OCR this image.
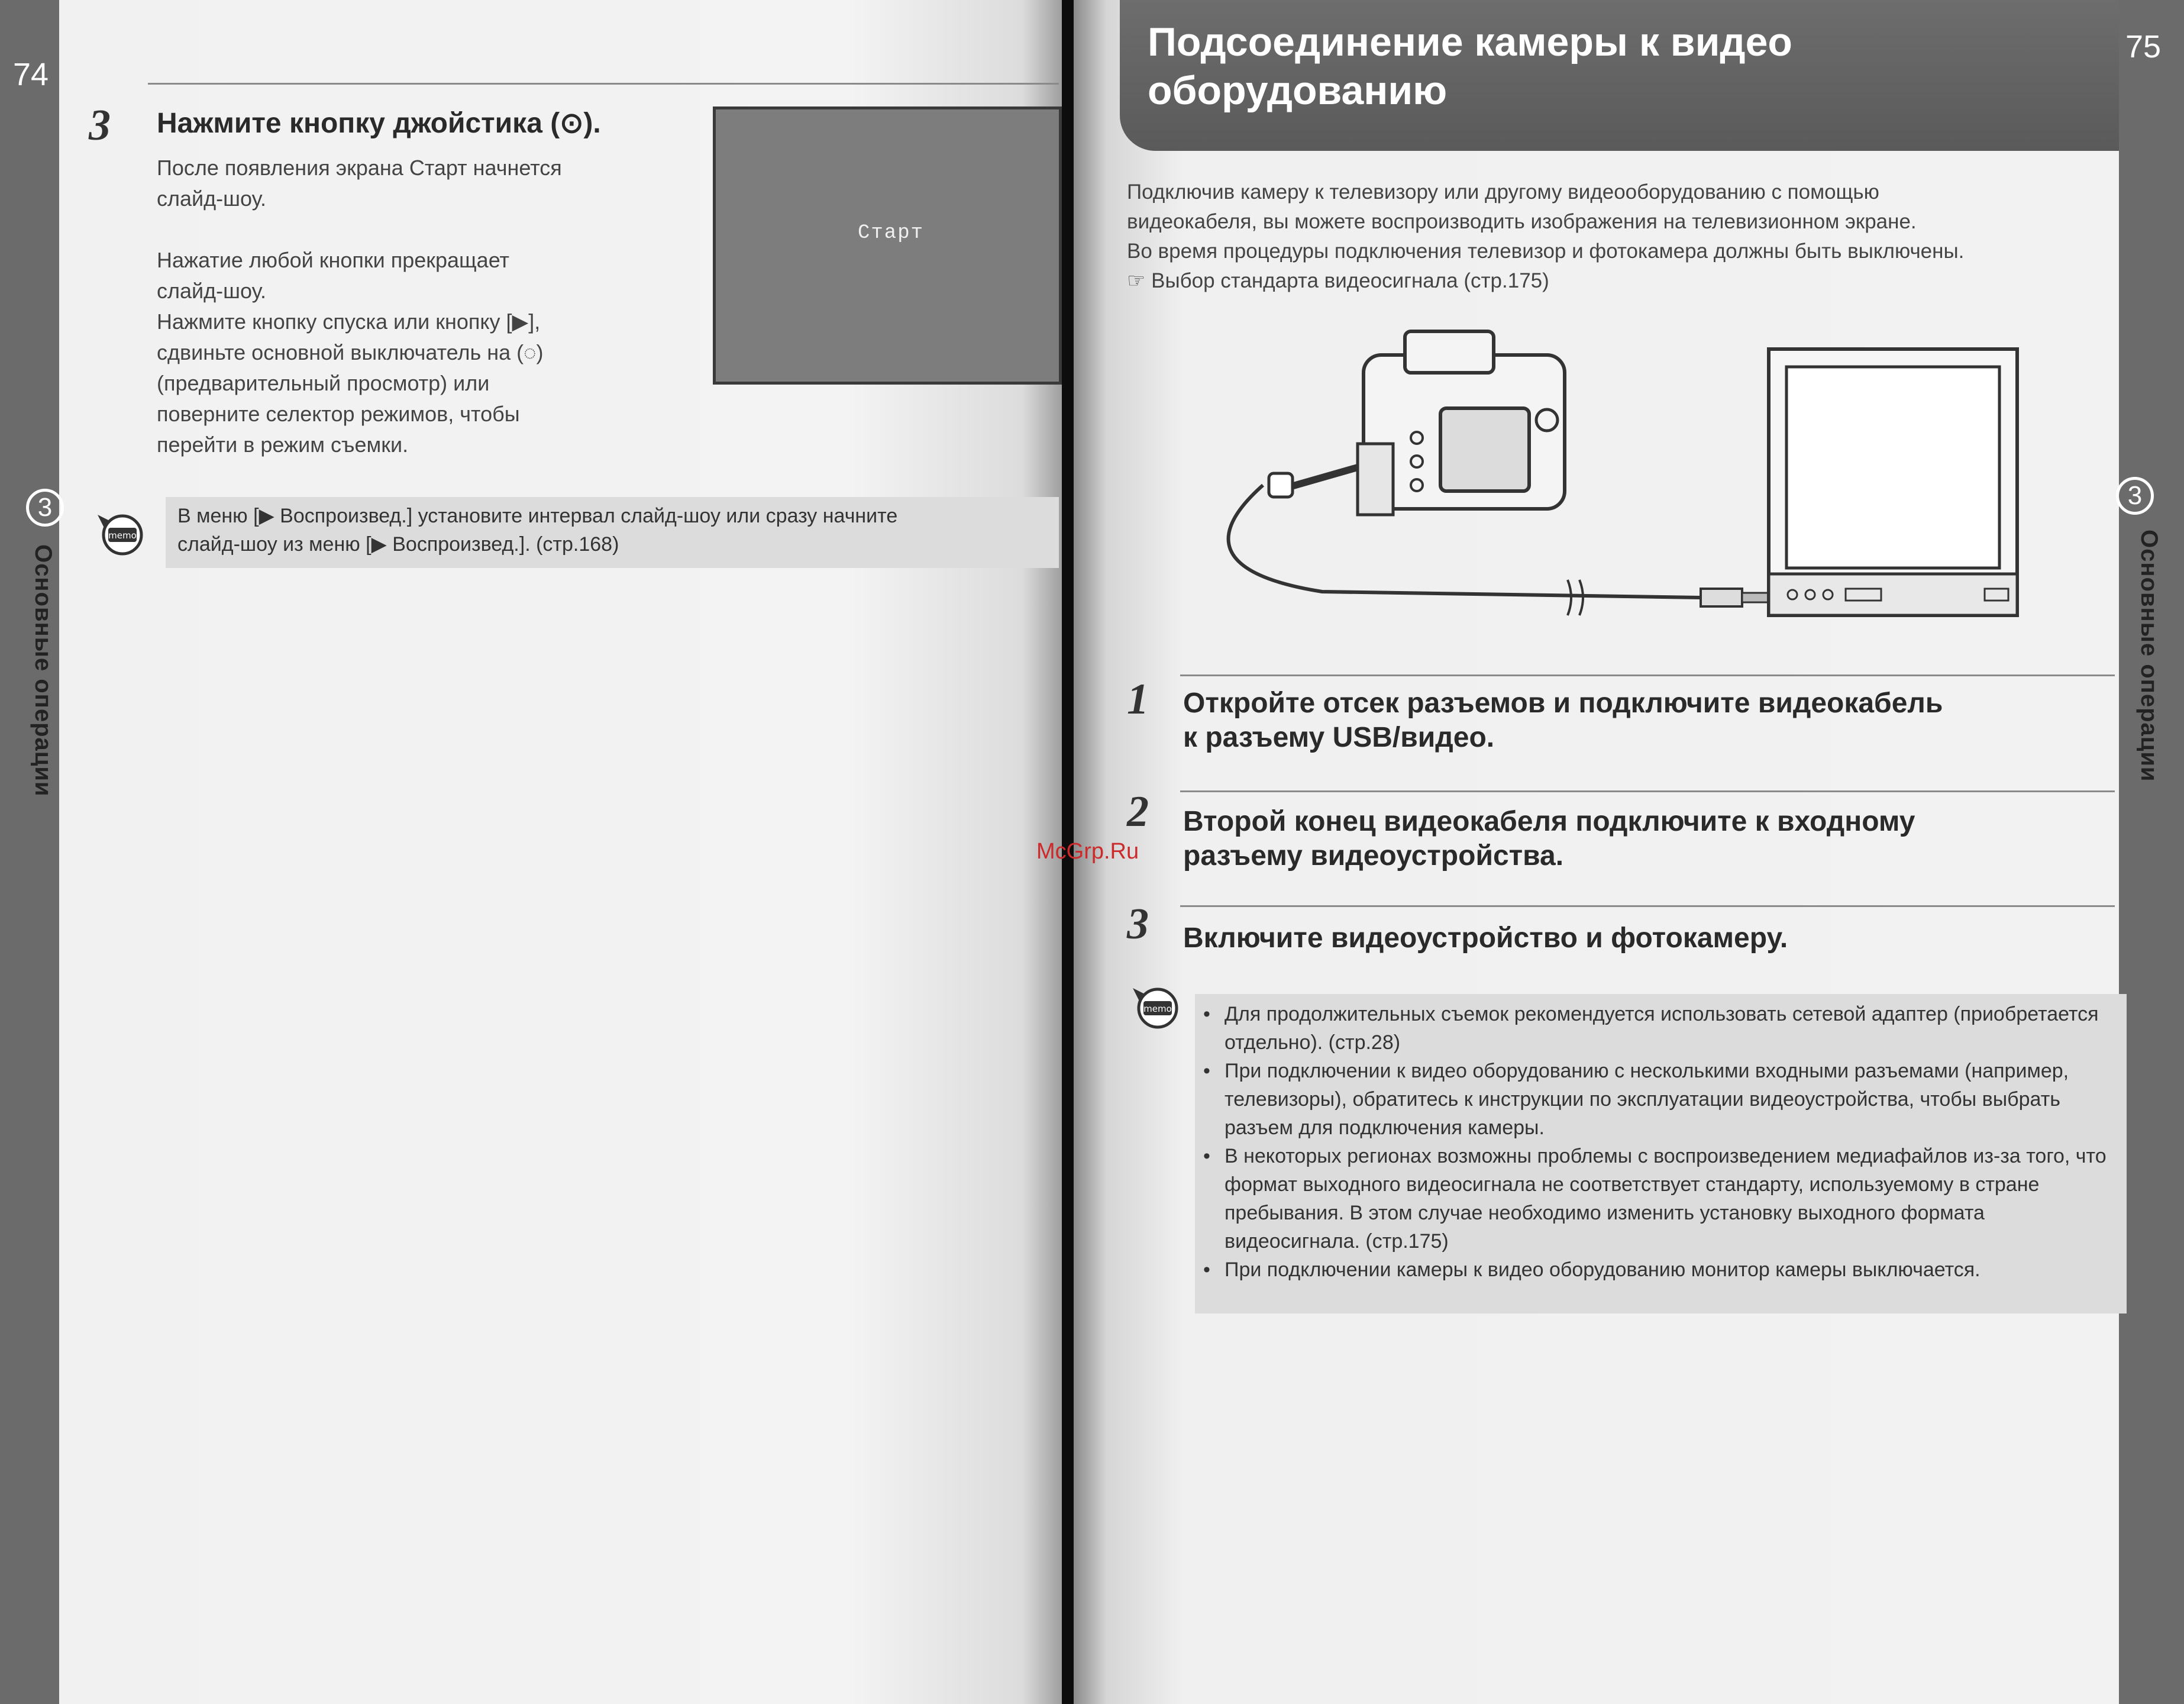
74
3
Основные операции
3 Нажмите кнопку джойстика (⊙).
После появления экрана Старт начнется
слайд-шоу.
Нажатие любой кнопки прекращает
слайд-шоу.
Нажмите кнопку спуска или кнопку [▶],
сдвиньте основной выключатель на (◌)
(предварительный просмотр) или
поверните селектор режимов, чтобы
перейти в режим съемки.
Старт
memo
В меню [▶ Воспроизвед.] установите интервал слайд-шоу или сразу начните
слайд-шоу из меню [▶ Воспроизвед.]. (стр.168)
Подсоединение камеры к видео
оборудованию
75
3
Основные операции
Подключив камеру к телевизору или другому видеооборудованию с помощью
видеокабеля, вы можете воспроизводить изображения на телевизионном экране.
Во время процедуры подключения телевизор и фотокамера должны быть выключены.
☞ Выбор стандарта видеосигнала (стр.175)
1 Откройте отсек разъемов и подключите видеокабель
к разъему USB/видео.
2 Второй конец видеокабеля подключите к входному
разъему видеоустройства.
3 Включите видеоустройство и фотокамеру.
memo
•	Для продолжительных съемок рекомендуется использовать сетевой адаптер (приобретается отдельно). (стр.28)
• При подключении к видео оборудованию с несколькими входными разъемами (например, телевизоры), обратитесь к инструкции по эксплуатации видеоустройства, чтобы выбрать разъем для подключения камеры.
• В некоторых регионах возможны проблемы с воспроизведением медиафайлов из-за того, что формат выходного видеосигнала не соответствует стандарту, используемому в стране пребывания. В этом случае необходимо изменить установку выходного формата видеосигнала. (стр.175)
• При подключении камеры к видео оборудованию монитор камеры выключается.
McGrp.Ru
